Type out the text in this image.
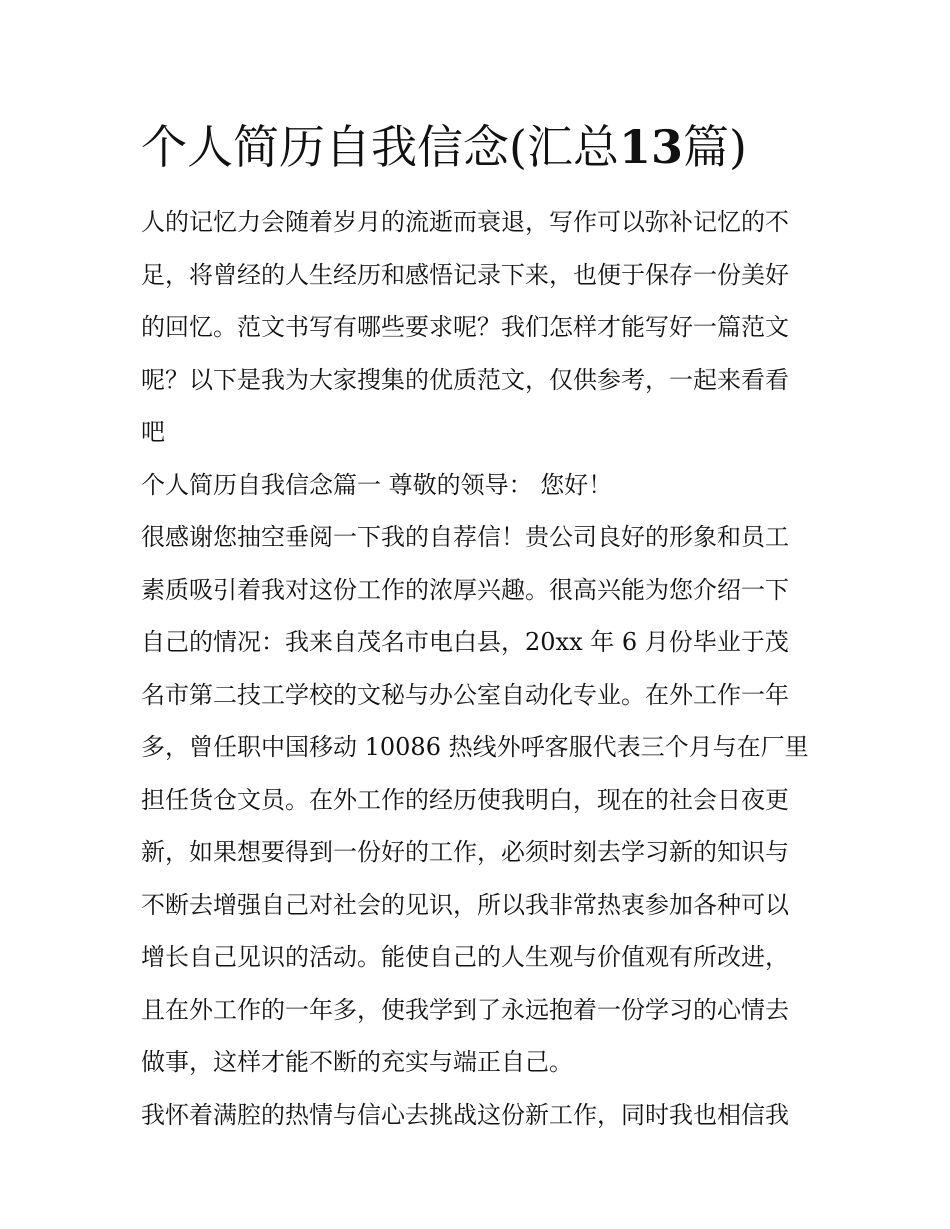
个人简历自我信念(汇总13篇)
人的记忆力会随着岁月的流逝而衰退，写作可以弥补记忆的不
足，将曾经的人生经历和感悟记录下来，也便于保存一份美好
的回忆。范文书写有哪些要求呢？我们怎样才能写好一篇范文
呢？以下是我为大家搜集的优质范文，仅供参考，一起来看看
吧
个人简历自我信念篇一 尊敬的领导： 您好！
很感谢您抽空垂阅一下我的自荐信！贵公司良好的形象和员工
素质吸引着我对这份工作的浓厚兴趣。很高兴能为您介绍一下
自己的情况：我来自茂名市电白县，20xx 年 6 月份毕业于茂
名市第二技工学校的文秘与办公室自动化专业。在外工作一年
多，曾任职中国移动 10086 热线外呼客服代表三个月与在厂里
担任货仓文员。在外工作的经历使我明白，现在的社会日夜更
新，如果想要得到一份好的工作，必须时刻去学习新的知识与
不断去增强自己对社会的见识，所以我非常热衷参加各种可以
增长自己见识的活动。能使自己的人生观与价值观有所改进，
且在外工作的一年多，使我学到了永远抱着一份学习的心情去
做事，这样才能不断的充实与端正自己。
我怀着满腔的热情与信心去挑战这份新工作，同时我也相信我
